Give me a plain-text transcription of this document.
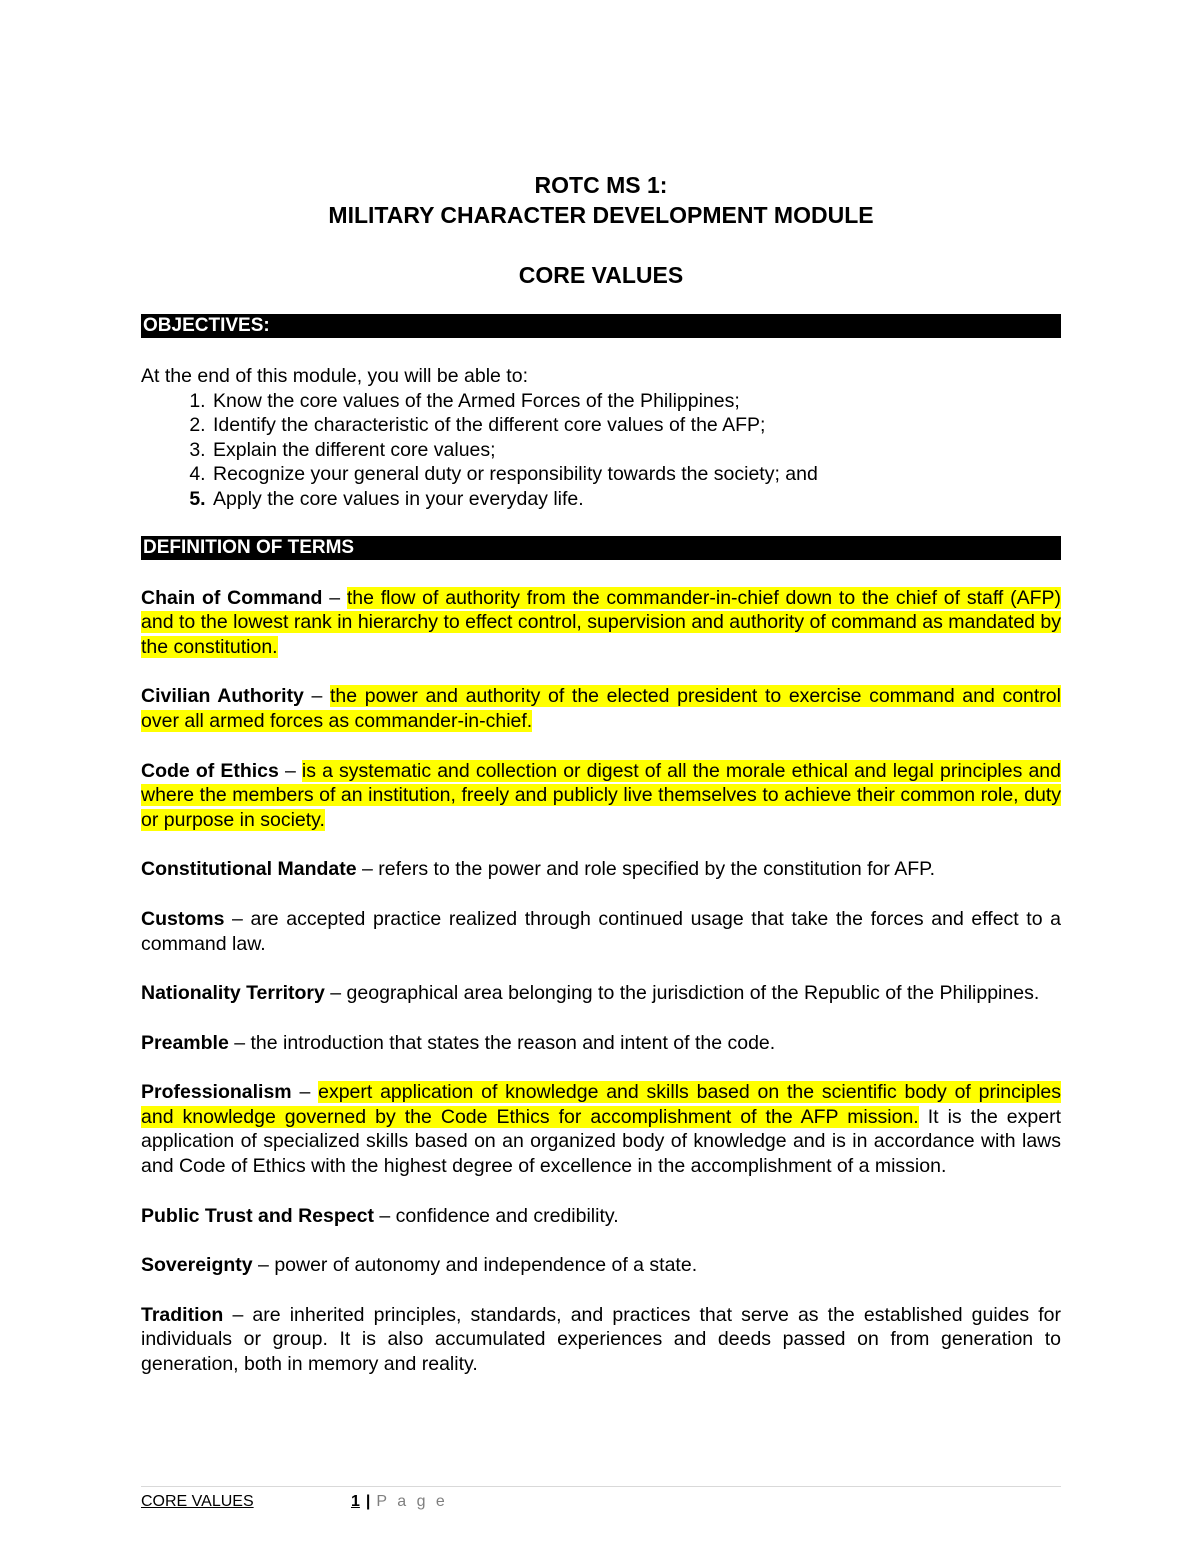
ROTC MS 1:

MILITARY CHARACTER DEVELOPMENT MODULE

CORE VALUES

OBJECTIVES:

At the end of this module, you will be able to:

1. Know the core values of the Armed Forces of the Philippines;
2. Identify the characteristic of the different core values of the AFP;
3. Explain the different core values;
4. Recognize your general duty or responsibility towards the society; and
5. Apply the core values in your everyday life.
DEFINITION OF TERMS

Chain of Command – the flow of authority from the commander-in-chief down to the chief of staff (AFP) and to the lowest rank in hierarchy to effect control, supervision and authority of command as mandated by the constitution.

Civilian Authority – the power and authority of the elected president to exercise command and control over all armed forces as commander-in-chief.

Code of Ethics – is a systematic and collection or digest of all the morale ethical and legal principles and where the members of an institution, freely and publicly live themselves to achieve their common role, duty or purpose in society.

Constitutional Mandate – refers to the power and role specified by the constitution for AFP.

Customs – are accepted practice realized through continued usage that take the forces and effect to a command law.

Nationality Territory – geographical area belonging to the jurisdiction of the Republic of the Philippines.

Preamble – the introduction that states the reason and intent of the code.

Professionalism – expert application of knowledge and skills based on the scientific body of principles and knowledge governed by the Code Ethics for accomplishment of the AFP mission. It is the expert application of specialized skills based on an organized body of knowledge and is in accordance with laws and Code of Ethics with the highest degree of excellence in the accomplishment of a mission.

Public Trust and Respect – confidence and credibility.

Sovereignty – power of autonomy and independence of a state.

Tradition – are inherited principles, standards, and practices that serve as the established guides for individuals or group. It is also accumulated experiences and deeds passed on from generation to generation, both in memory and reality.

CORE VALUES	1 | P a g e
